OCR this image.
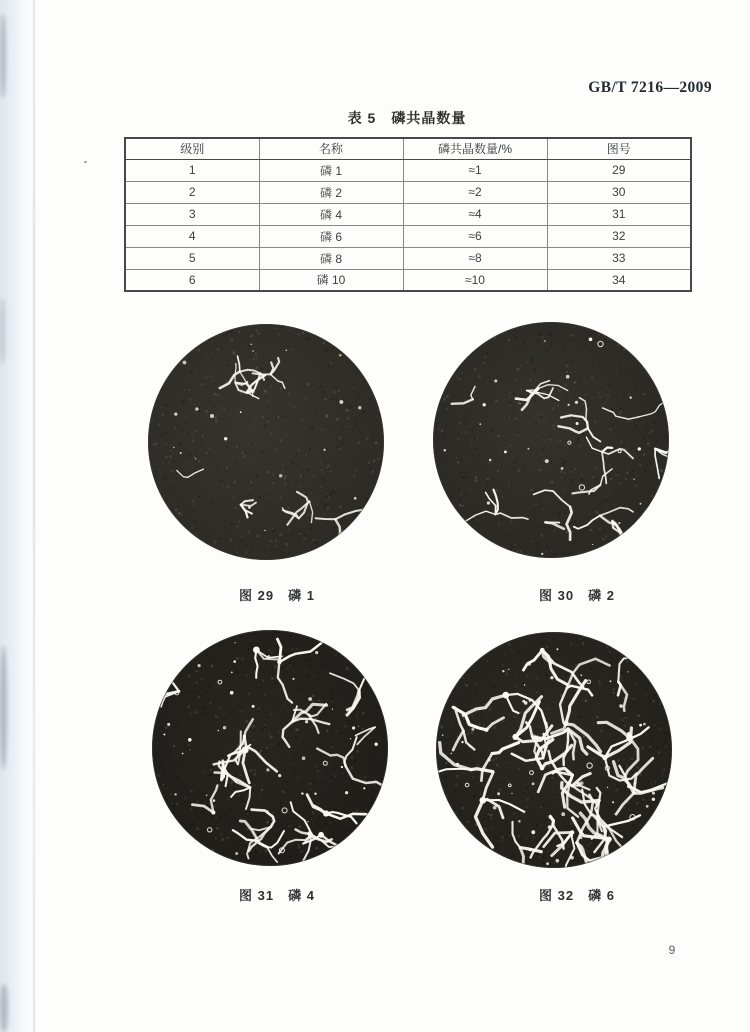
GB/T 7216—2009
表 5　磷共晶数量
级别	名称	磷共晶数量/%	图号
1	磷 1	≈1	29
2	磷 2	≈2	30
3	磷 4	≈4	31
4	磷 6	≈6	32
5	磷 8	≈8	33
6	磷 10	≈10	34
图 29　磷 1	图 30　磷 2
图 31　磷 4	图 32　磷 6
9
